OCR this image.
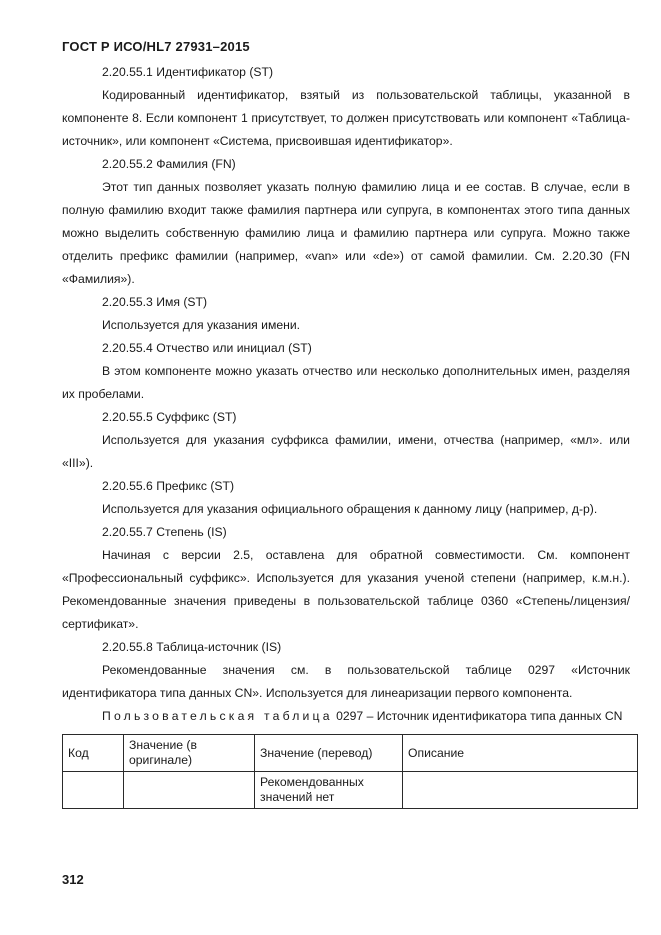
ГОСТ Р ИСО/HL7 27931–2015

2.20.55.1 Идентификатор (ST)

Кодированный идентификатор, взятый из пользовательской таблицы, указанной в компоненте 8. Если компонент 1 присутствует, то должен присутствовать или компонент «Таблица-источник», или компонент «Система, присвоившая идентификатор».

2.20.55.2 Фамилия (FN)

Этот тип данных позволяет указать полную фамилию лица и ее состав. В случае, если в полную фамилию входит также фамилия партнера или супруга, в компонентах этого типа данных можно выделить собственную фамилию лица и фамилию партнера или супруга. Можно также отделить префикс фамилии (например, «van» или «de») от самой фамилии. См. 2.20.30 (FN «Фамилия»).

2.20.55.3 Имя (ST)

Используется для указания имени.

2.20.55.4 Отчество или инициал (ST)

В этом компоненте можно указать отчество или несколько дополнительных имен, разделяя их пробелами.

2.20.55.5 Суффикс (ST)

Используется для указания суффикса фамилии, имени, отчества (например, «мл». или «III»).

2.20.55.6 Префикс (ST)

Используется для указания официального обращения к данному лицу (например, д-р).

2.20.55.7 Степень (IS)

Начиная с версии 2.5, оставлена для обратной совместимости. См. компонент «Профессиональный суффикс». Используется для указания ученой степени (например, к.м.н.). Рекомендованные значения приведены в пользовательской таблице 0360 «Степень/лицензия/сертификат».

2.20.55.8 Таблица-источник (IS)

Рекомендованные значения см. в пользовательской таблице 0297 «Источник идентификатора типа данных CN». Используется для линеаризации первого компонента.

Пользовательская таблица 0297 – Источник идентификатора типа данных CN

Код	Значение (в оригинале)	Значение (перевод)	Описание
		Рекомендованных значений нет	
312
